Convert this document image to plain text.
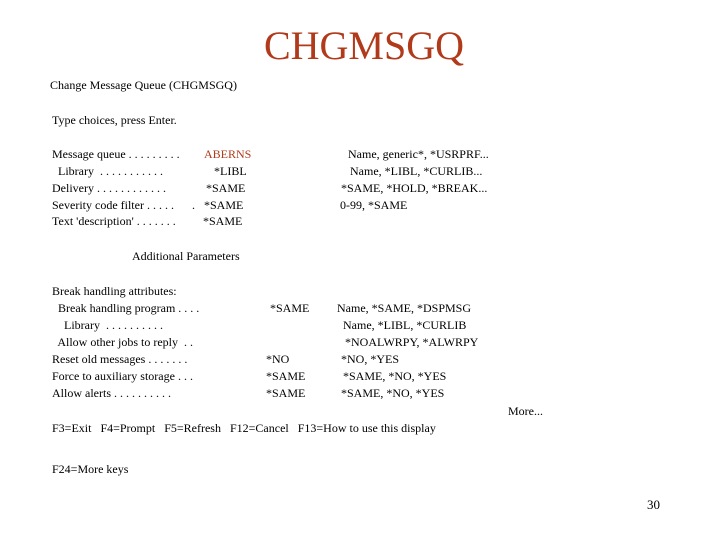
CHGMSGQ
Change Message Queue (CHGMSGQ)
Type choices, press Enter.
Message queue . . . . . . . . . ABERNS	Name, generic*, *USRPRF...
Library  . . . . . . . . . . .	*LIBL	Name, *LIBL, *CURLIB...
Delivery . . . . . . . . . . . .	*SAME	*SAME, *HOLD, *BREAK...
Severity code filter . . . . . . *SAME	0-99, *SAME
Text 'description' . . . . . . . *SAME
Additional Parameters
Break handling attributes:
Break handling program . . . .	*SAME Name, *SAME, *DSPMSG
Library  . . . . . . . . . .	Name, *LIBL, *CURLIB
Allow other jobs to reply  . .	*NOALWRPY, *ALWRPY
Reset old messages . . . . . . .	*NO	*NO, *YES
Force to auxiliary storage . . .	*SAME	*SAME, *NO, *YES
Allow alerts . . . . . . . . . .	*SAME	*SAME, *NO, *YES
More...
F3=Exit   F4=Prompt   F5=Refresh   F12=Cancel   F13=How to use this display
F24=More keys
30
